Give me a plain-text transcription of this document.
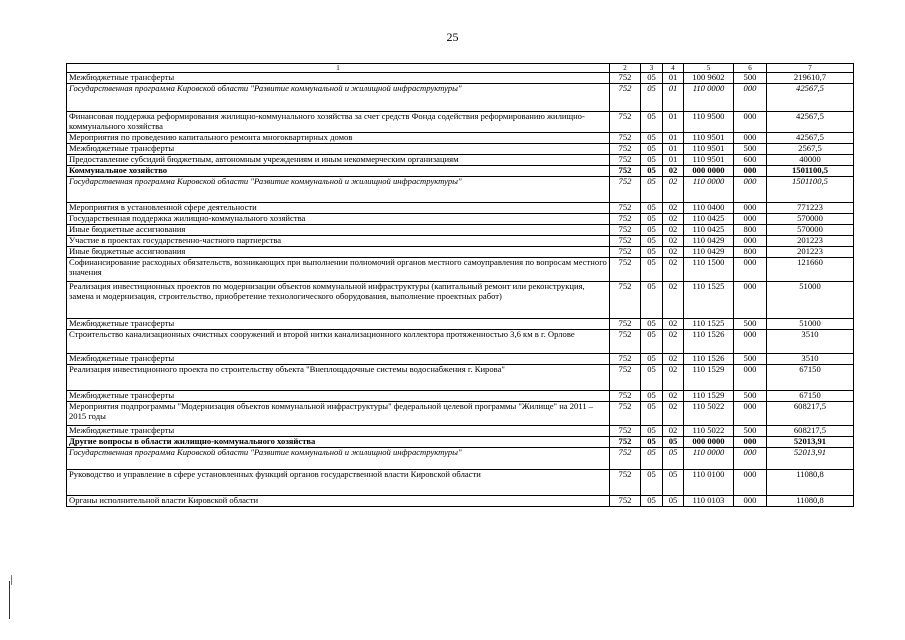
25
1	2	3	4	5	6	7
Межбюджетные трансферты	752	05	01	100 9602	500	219610,7
Государственная программа Кировской области "Развитие коммунальной и жилищной инфраструктуры"	752	05	01	110 0000	000	42567,5
Финансовая поддержка реформирования жилищно-коммунального хозяйства за счет средств Фонда содействия реформированию жилищно-коммунального хозяйства	752	05	01	110 9500	000	42567,5
Мероприятия по проведению капитального ремонта многоквартирных домов	752	05	01	110 9501	000	42567,5
Межбюджетные трансферты	752	05	01	110 9501	500	2567,5
Предоставление субсидий бюджетным, автономным учреждениям и иным некоммерческим организациям	752	05	01	110 9501	600	40000
Коммунальное хозяйство	752	05	02	000 0000	000	1501100,5
Государственная программа Кировской области "Развитие коммунальной и жилищной инфраструктуры"	752	05	02	110 0000	000	1501100,5
Мероприятия в установленной сфере деятельности	752	05	02	110 0400	000	771223
Государственная поддержка жилищно-коммунального хозяйства	752	05	02	110 0425	000	570000
Иные бюджетные ассигнования	752	05	02	110 0425	800	570000
Участие в проектах государственно-частного партнерства	752	05	02	110 0429	000	201223
Иные бюджетные ассигнования	752	05	02	110 0429	800	201223
Софинансирование расходных обязательств, возникающих при выполнении полномочий органов местного самоуправления по вопросам местного значения	752	05	02	110 1500	000	121660
Реализация инвестиционных проектов по модернизации объектов коммунальной инфраструктуры (капитальный ремонт или реконструкция, замена и модернизация, строительство, приобретение технологического оборудования, выполнение проектных работ)	752	05	02	110 1525	000	51000
Межбюджетные трансферты	752	05	02	110 1525	500	51000
Строительство канализационных очистных сооружений и второй нитки канализационного коллектора протяженностью 3,6 км в г. Орлове	752	05	02	110 1526	000	3510
Межбюджетные трансферты	752	05	02	110 1526	500	3510
Реализация инвестиционного проекта по строительству объекта "Внеплощадочные системы водоснабжения г. Кирова"	752	05	02	110 1529	000	67150
Межбюджетные трансферты	752	05	02	110 1529	500	67150
Мероприятия подпрограммы "Модернизация объектов коммунальной инфраструктуры" федеральной целевой программы "Жилище" на 2011 – 2015 годы	752	05	02	110 5022	000	608217,5
Межбюджетные трансферты	752	05	02	110 5022	500	608217,5
Другие вопросы в области жилищно-коммунального хозяйства	752	05	05	000 0000	000	52013,91
Государственная программа Кировской области "Развитие коммунальной и жилищной инфраструктуры"	752	05	05	110 0000	000	52013,91
Руководство и управление в сфере установленных функций органов государственной власти Кировской области	752	05	05	110 0100	000	11080,8
Органы исполнительной власти Кировской области	752	05	05	110 0103	000	11080,8
